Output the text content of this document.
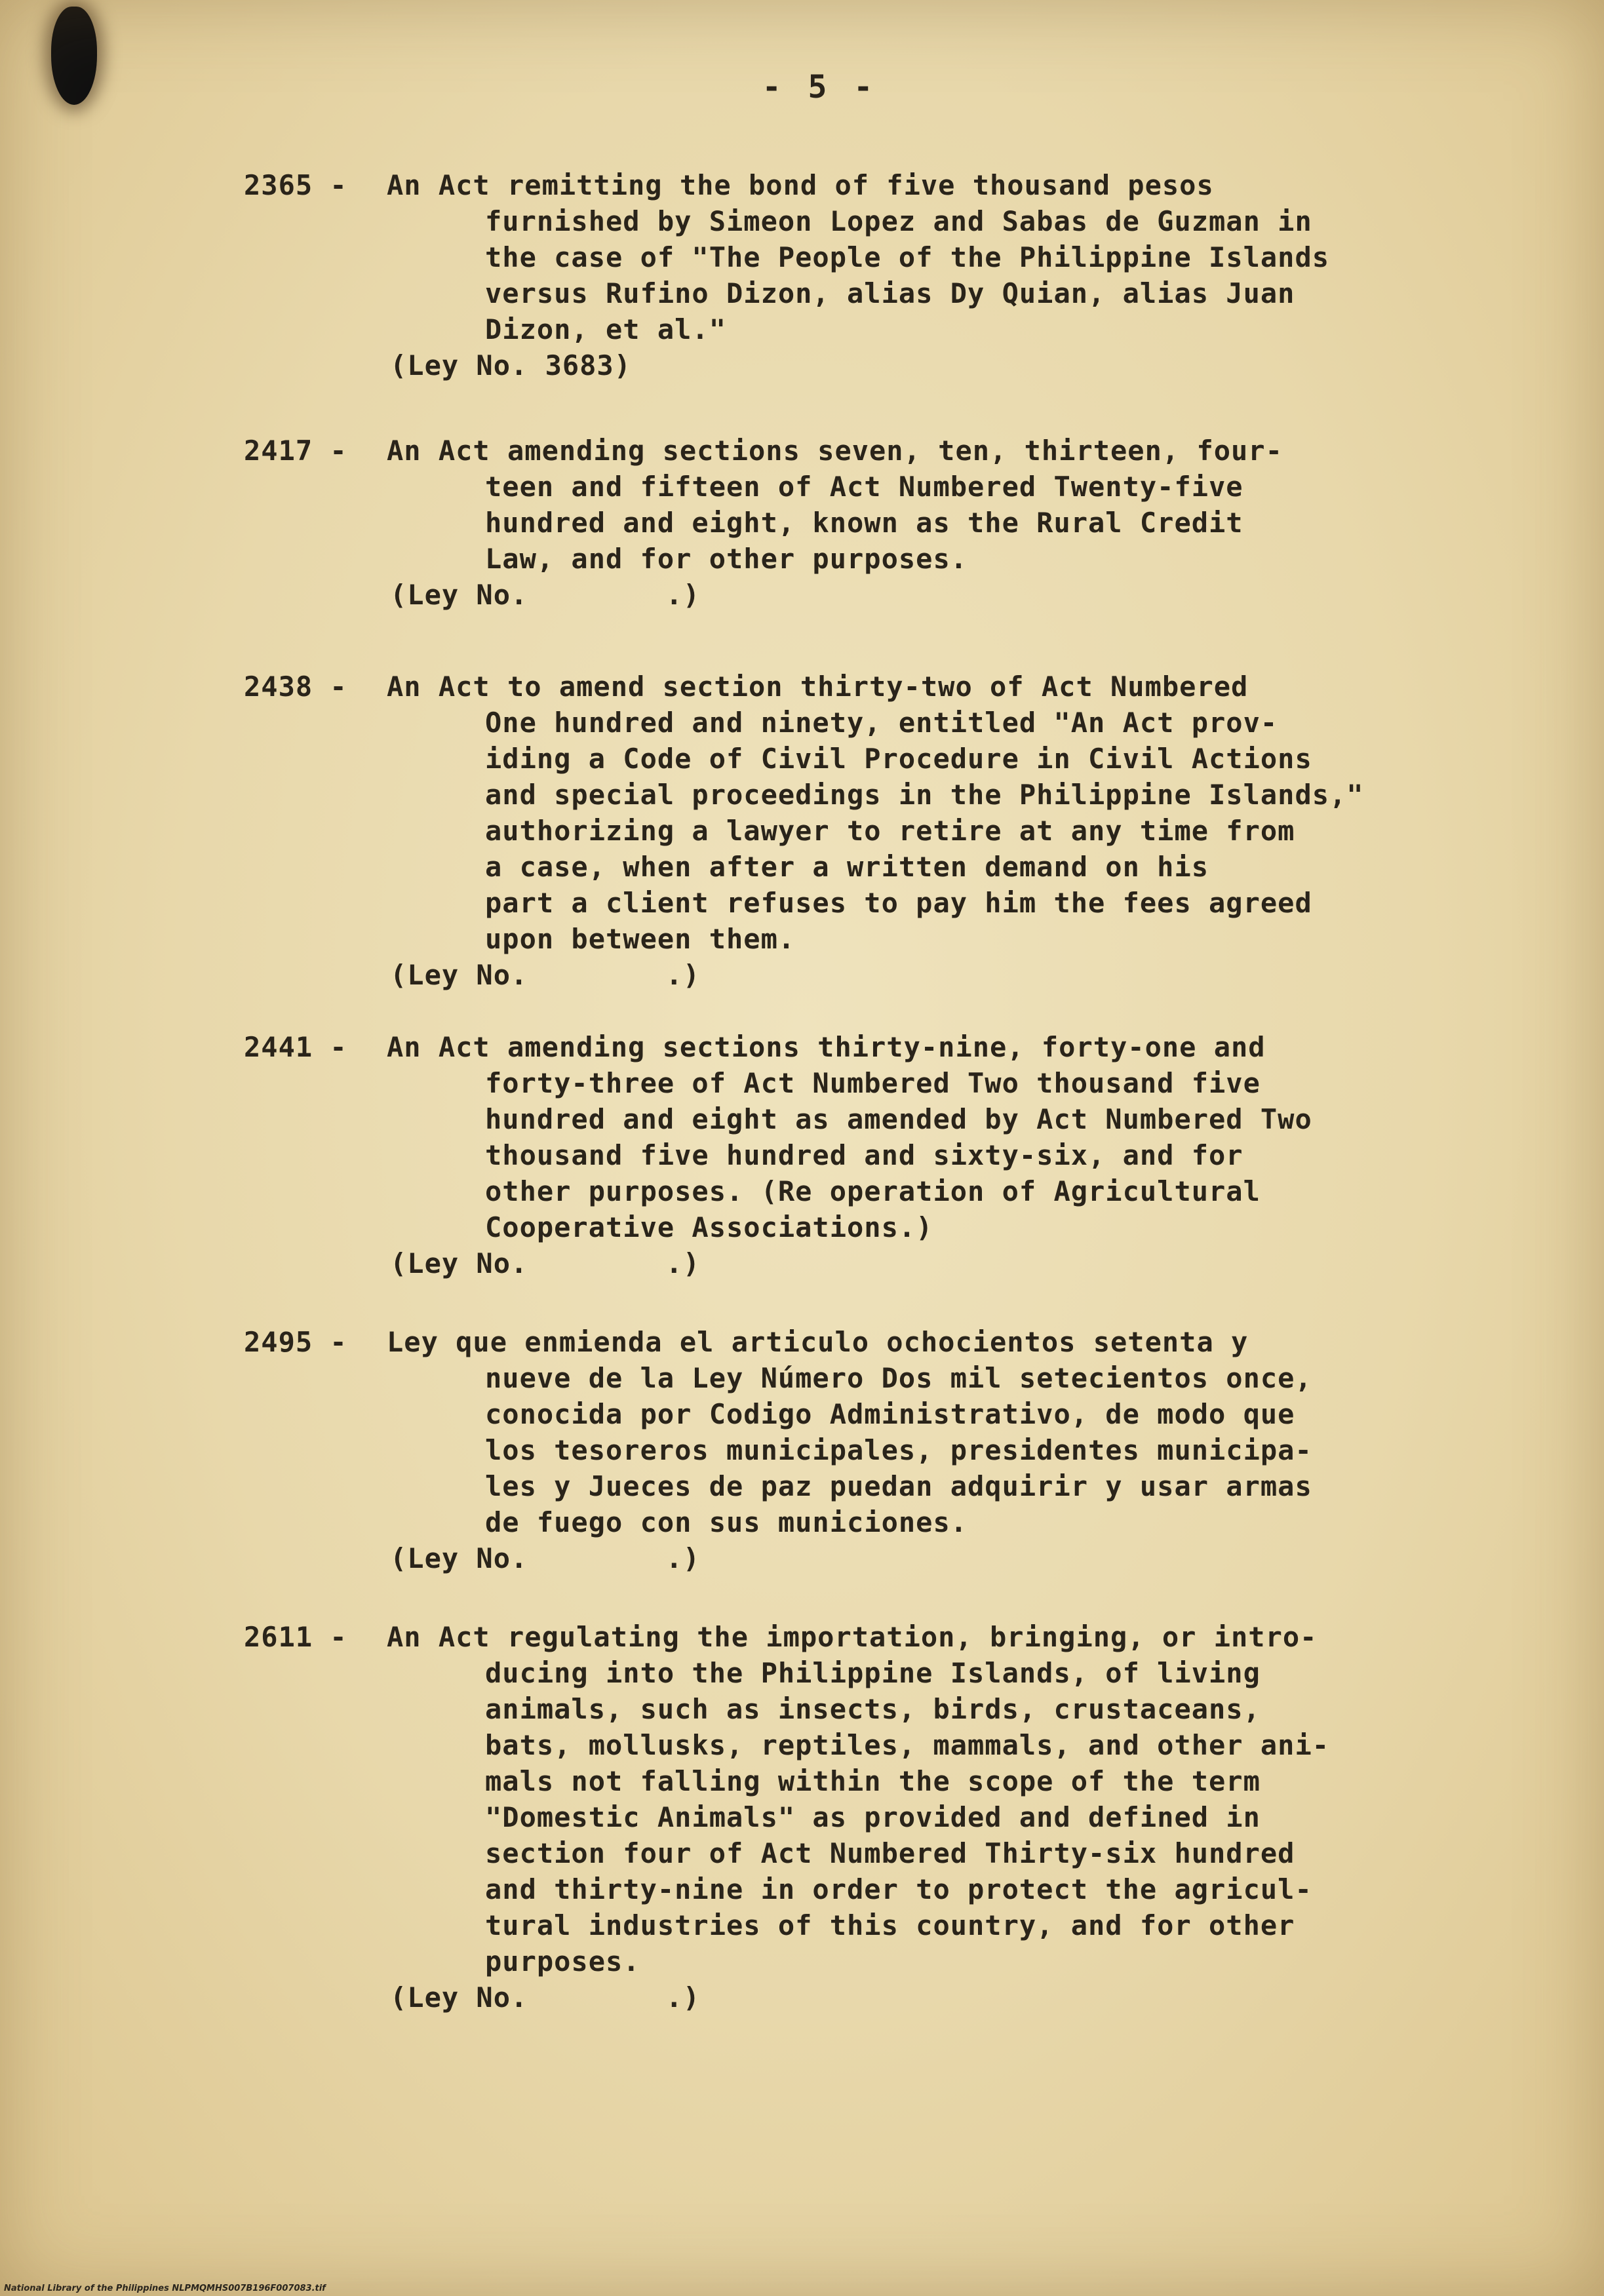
- 5 -
2365 -	An Act remitting the bond of five thousand pesos
furnished by Simeon Lopez and Sabas de Guzman in
the case of "The People of the Philippine Islands
versus Rufino Dizon, alias Dy Quian, alias Juan
Dizon, et al."
(Ley No. 3683)
2417 -	An Act amending sections seven, ten, thirteen, four-
teen and fifteen of Act Numbered Twenty-five
hundred and eight, known as the Rural Credit
Law, and for other purposes.
(Ley No.        .)
2438 -	An Act to amend section thirty-two of Act Numbered
One hundred and ninety, entitled "An Act prov-
iding a Code of Civil Procedure in Civil Actions
and special proceedings in the Philippine Islands,"
authorizing a lawyer to retire at any time from
a case, when after a written demand on his
part a client refuses to pay him the fees agreed
upon between them.
(Ley No.        .)
2441 -	An Act amending sections thirty-nine, forty-one and
forty-three of Act Numbered Two thousand five
hundred and eight as amended by Act Numbered Two
thousand five hundred and sixty-six, and for
other purposes. (Re operation of Agricultural
Cooperative Associations.)
(Ley No.        .)
2495 -	Ley que enmienda el articulo ochocientos setenta y
nueve de la Ley Número Dos mil setecientos once,
conocida por Codigo Administrativo, de modo que
los tesoreros municipales, presidentes municipa-
les y Jueces de paz puedan adquirir y usar armas
de fuego con sus municiones.
(Ley No.        .)
2611 -	An Act regulating the importation, bringing, or intro-
ducing into the Philippine Islands, of living
animals, such as insects, birds, crustaceans,
bats, mollusks, reptiles, mammals, and other ani-
mals not falling within the scope of the term
"Domestic Animals" as provided and defined in
section four of Act Numbered Thirty-six hundred
and thirty-nine in order to protect the agricul-
tural industries of this country, and for other
purposes.
(Ley No.        .)
National Library of the Philippines NLPMQMHS007B196F007083.tif
